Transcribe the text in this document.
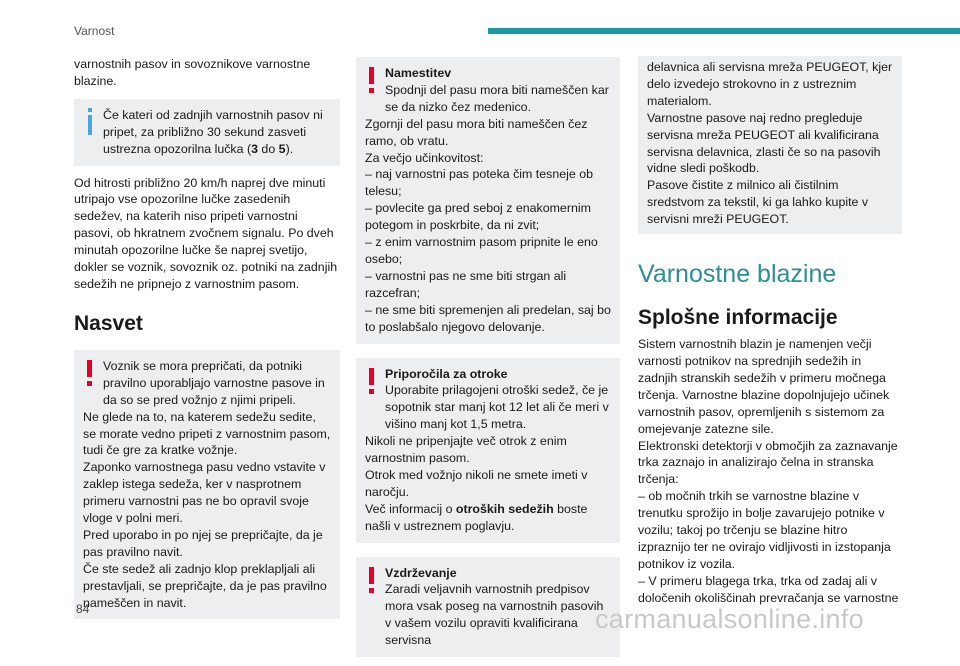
Varnost

varnostnih pasov in sovoznikove varnostne blazine.

Če kateri od zadnjih varnostnih pasov ni pripet, za približno 30 sekund zasveti ustrezna opozorilna lučka (3 do 5).

Od hitrosti približno 20 km/h naprej dve minuti utripajo vse opozorilne lučke zasedenih sedežev, na katerih niso pripeti varnostni pasovi, ob hkratnem zvočnem signalu. Po dveh minutah opozorilne lučke še naprej svetijo, dokler se voznik, sovoznik oz. potniki na zadnjih sedežih ne pripnejo z varnostnim pasom.

Nasvet

Voznik se mora prepričati, da potniki pravilno uporabljajo varnostne pasove in da so se pred vožnjo z njimi pripeli.

Ne glede na to, na katerem sedežu sedite, se morate vedno pripeti z varnostnim pasom, tudi če gre za kratke vožnje.

Zaponko varnostnega pasu vedno vstavite v zaklep istega sedeža, ker v nasprotnem primeru varnostni pas ne bo opravil svoje vloge v polni meri.

Pred uporabo in po njej se prepričajte, da je pas pravilno navit.

Če ste sedež ali zadnjo klop preklapljali ali prestavljali, se prepričajte, da je pas pravilno nameščen in navit.

Namestitev

Spodnji del pasu mora biti nameščen kar se da nizko čez medenico.

Zgornji del pasu mora biti nameščen čez ramo, ob vratu.

Za večjo učinkovitost:

– naj varnostni pas poteka čim tesneje ob telesu;

– povlecite ga pred seboj z enakomernim potegom in poskrbite, da ni zvit;

– z enim varnostnim pasom pripnite le eno osebo;

– varnostni pas ne sme biti strgan ali razcefran;

– ne sme biti spremenjen ali predelan, saj bo to poslabšalo njegovo delovanje.

Priporočila za otroke

Uporabite prilagojeni otroški sedež, če je sopotnik star manj kot 12 let ali če meri v višino manj kot 1,5 metra.

Nikoli ne pripenjajte več otrok z enim varnostnim pasom.

Otrok med vožnjo nikoli ne smete imeti v naročju.

Več informacij o otroških sedežih boste našli v ustreznem poglavju.

Vzdrževanje

Zaradi veljavnih varnostnih predpisov mora vsak poseg na varnostnih pasovih v vašem vozilu opraviti kvalificirana servisna

delavnica ali servisna mreža PEUGEOT, kjer delo izvedejo strokovno in z ustreznim materialom.

Varnostne pasove naj redno pregleduje servisna mreža PEUGEOT ali kvalificirana servisna delavnica, zlasti če so na pasovih vidne sledi poškodb.

Pasove čistite z milnico ali čistilnim sredstvom za tekstil, ki ga lahko kupite v servisni mreži PEUGEOT.

Varnostne blazine
Splošne informacije

Sistem varnostnih blazin je namenjen večji varnosti potnikov na sprednjih sedežih in zadnjih stranskih sedežih v primeru močnega trčenja. Varnostne blazine dopolnjujejo učinek varnostnih pasov, opremljenih s sistemom za omejevanje zatezne sile.

Elektronski detektorji v območjih za zaznavanje trka zaznajo in analizirajo čelna in stranska trčenja:

– ob močnih trkih se varnostne blazine v trenutku sprožijo in bolje zavarujejo potnike v vozilu; takoj po trčenju se blazine hitro izpraznijo ter ne ovirajo vidljivosti in izstopanja potnikov iz vozila.

– V primeru blagega trka, trka od zadaj ali v določenih okoliščinah prevračanja se varnostne

84	carmanualsonline.info
